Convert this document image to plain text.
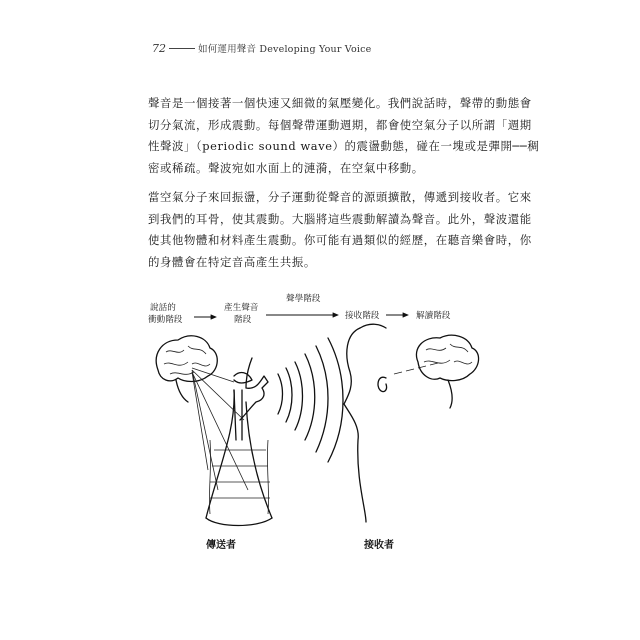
72	如何運用聲音 Developing Your Voice

聲音是一個接著一個快速又細微的氣壓變化。我們說話時，聲帶的動態會
切分氣流，形成震動。每個聲帶運動週期，都會使空氣分子以所謂「週期
性聲波」（periodic sound wave）的震盪動態，碰在一塊或是彈開──稠
密或稀疏。聲波宛如水面上的漣漪，在空氣中移動。

當空氣分子來回振盪，分子運動從聲音的源頭擴散，傳遞到接收者。它來
到我們的耳骨，使其震動。大腦將這些震動解讀為聲音。此外，聲波還能
使其他物體和材料產生震動。你可能有過類似的經歷，在聽音樂會時，你
的身體會在特定音高產生共振。

說話的
衝動階段
產生聲音
階段
聲學階段
接收階段	解讀階段
傳送者	接收者
